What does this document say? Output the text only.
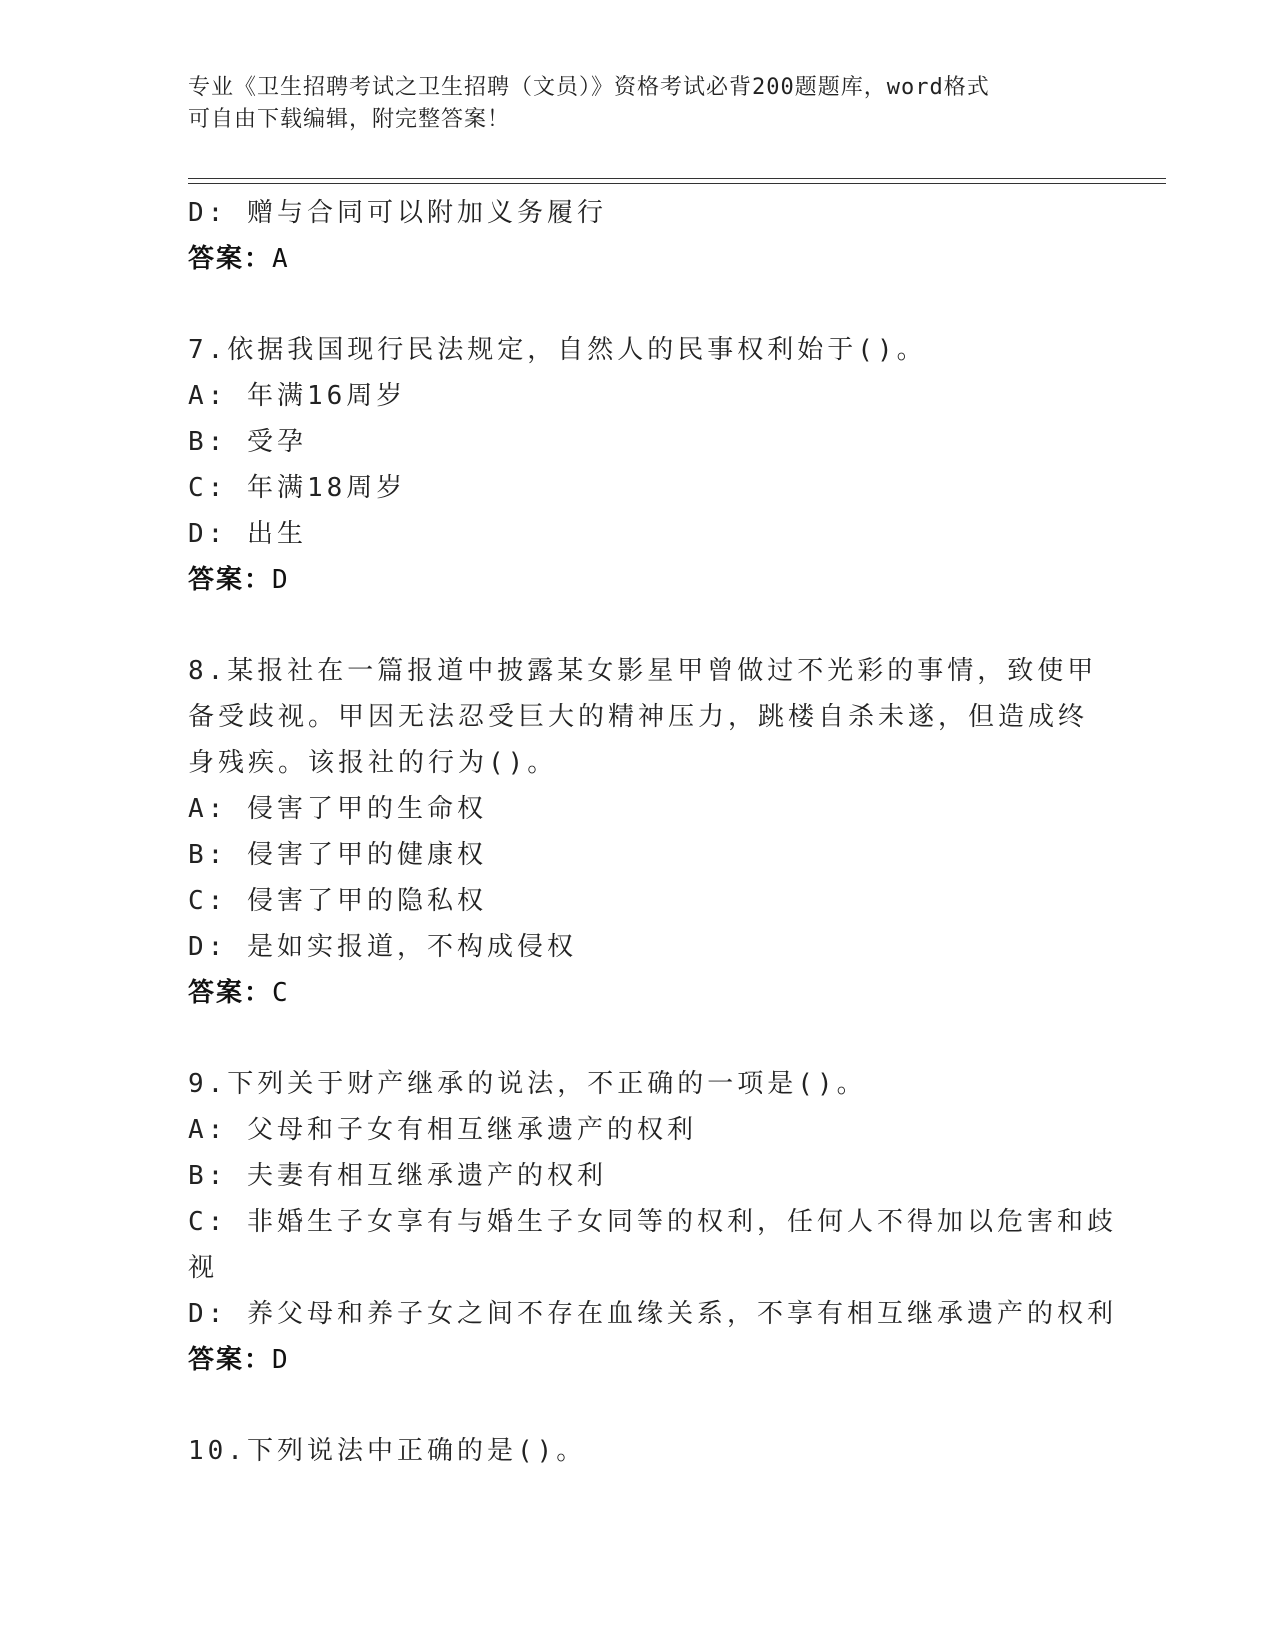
专业《卫生招聘考试之卫生招聘（文员）》资格考试必背200题题库，word格式
可自由下载编辑，附完整答案！
D: 赠与合同可以附加义务履行
答案：A
7.依据我国现行民法规定，自然人的民事权利始于()。
A: 年满16周岁
B: 受孕
C: 年满18周岁
D: 出生
答案：D
8.某报社在一篇报道中披露某女影星甲曾做过不光彩的事情，致使甲
备受歧视。甲因无法忍受巨大的精神压力，跳楼自杀未遂，但造成终
身残疾。该报社的行为()。
A: 侵害了甲的生命权
B: 侵害了甲的健康权
C: 侵害了甲的隐私权
D: 是如实报道，不构成侵权
答案：C
9.下列关于财产继承的说法，不正确的一项是()。
A: 父母和子女有相互继承遗产的权利
B: 夫妻有相互继承遗产的权利
C: 非婚生子女享有与婚生子女同等的权利，任何人不得加以危害和歧
视
D: 养父母和养子女之间不存在血缘关系，不享有相互继承遗产的权利
答案：D
10.下列说法中正确的是()。
